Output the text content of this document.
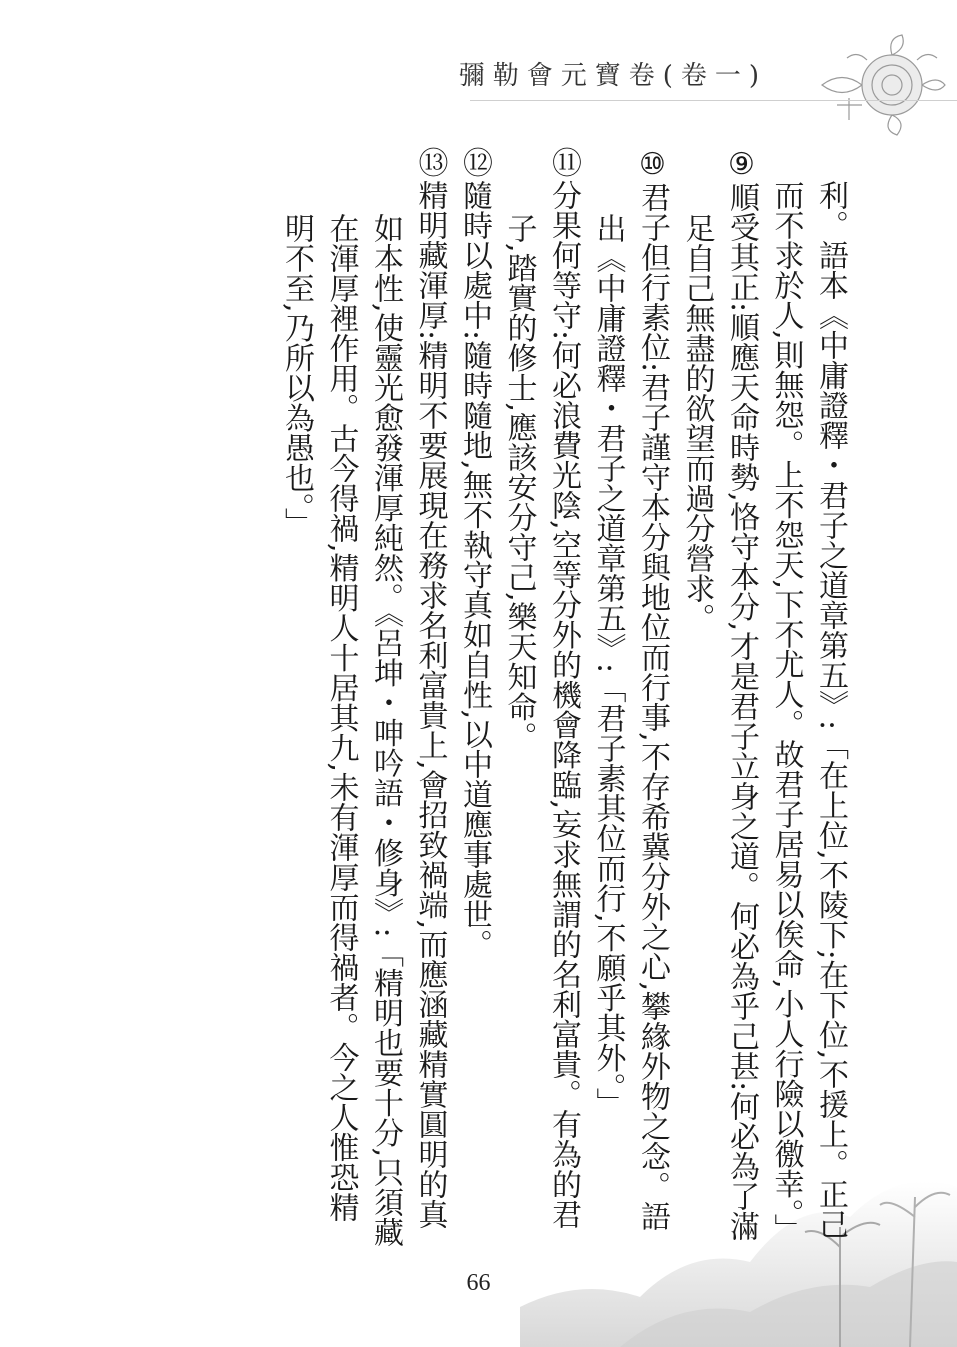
彌勒會元寶卷(卷一)

利。語本《中庸證釋・君子之道章第五》:「在上位,不陵下;在下位,不援上。正己而不求於人,則無怨。上不怨天,下不尤人。故君子居易以俟命,小人行險以徼幸。」

⑨順受其正:順應天命時勢,恪守本分,才是君子立身之道。何必為乎己甚:何必為了滿足自己無盡的欲望而過分營求。

⑩君子但行素位:君子謹守本分與地位而行事,不存希冀分外之心,攀緣外物之念。語出《中庸證釋・君子之道章第五》:「君子素其位而行,不願乎其外。」

⑪分果何等守:何必浪費光陰,空等分外的機會降臨,妄求無謂的名利富貴。有為的君子,踏實的修士,應該安分守己,樂天知命。

⑫隨時以處中:隨時隨地,無不執守真如自性,以中道應事處世。

⑬精明藏渾厚:精明不要展現在務求名利富貴上,會招致禍端,而應涵藏精實圓明的真如本性,使靈光愈發渾厚純然。《呂坤・呻吟語・修身》:「精明也要十分,只須藏在渾厚裡作用。古今得禍,精明人十居其九,未有渾厚而得禍者。今之人惟恐精明不至,乃所以為愚也。」

66
